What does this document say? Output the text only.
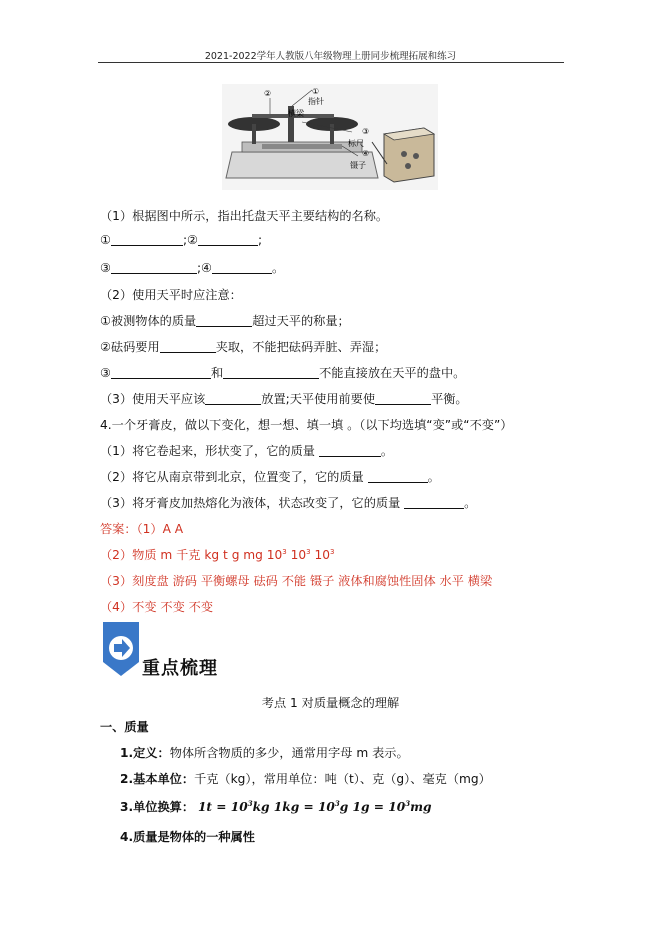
2021-2022学年人教版八年级物理上册同步梳理拓展和练习
①
②
③
④
指针
横梁
标尺
镊子
（1）根据图中所示，指出托盘天平主要结构的名称。
①	;②	;
③	;④	。
（2）使用天平时应注意：
①被测物体的质量	超过天平的称量；
②砝码要用	夹取，不能把砝码弄脏、弄湿；
③	和	不能直接放在天平的盘中。
（3）使用天平应该	放置;天平使用前要使	平衡。
4.一个牙膏皮，做以下变化，想一想、填一填 。（以下均选填“变”或“不变”）
（1）将它卷起来，形状变了，它的质量	。
（2）将它从南京带到北京，位置变了，它的质量	。
（3）将牙膏皮加热熔化为液体，状态改变了，它的质量	。
答案：（1）A A
（2）物质 m 千克 kg t g mg $10^3$ $10^3$ $10^3$
（3）刻度盘 游码 平衡螺母 砝码 不能 镊子 液体和腐蚀性固体 水平 横梁
（4）不变 不变 不变
重点梳理
考点 1 对质量概念的理解
一、质量
1.定义：物体所含物质的多少，通常用字母 m 表示。
2.基本单位：千克（kg），常用单位：吨（t）、克（g）、毫克（mg）
3.单位换算： $1t = 10^3kg$ $1kg = 10^3g$ $1g = 10^3mg$
4.质量是物体的一种属性
